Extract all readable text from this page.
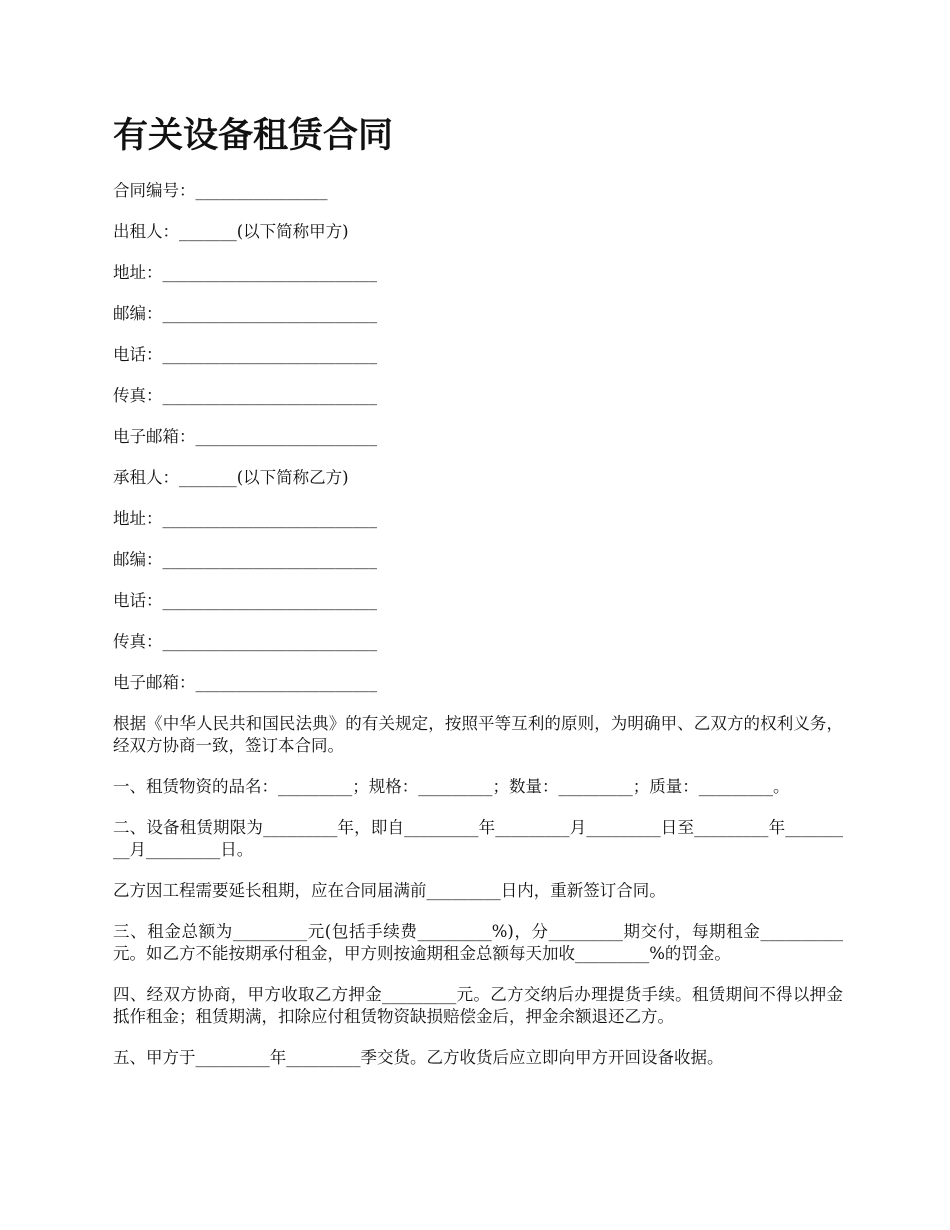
有关设备租赁合同

合同编号：________________

出租人：_______(以下简称甲方)

地址：__________________________

邮编：__________________________

电话：__________________________

传真：__________________________

电子邮箱：______________________

承租人：_______(以下简称乙方)

地址：__________________________

邮编：__________________________

电话：__________________________

传真：__________________________

电子邮箱：______________________

根据《中华人民共和国民法典》的有关规定，按照平等互利的原则，为明确甲、乙双方的权利义务，经双方协商一致，签订本合同。

一、租赁物资的品名：_________；规格：_________；数量：_________；质量：_________。

二、设备租赁期限为_________年，即自_________年_________月_________日至_________年_________月_________日。

乙方因工程需要延长租期，应在合同届满前_________日内，重新签订合同。

三、租金总额为_________元(包括手续费_________%)，分_________期交付，每期租金__________元。如乙方不能按期承付租金，甲方则按逾期租金总额每天加收_________%的罚金。

四、经双方协商，甲方收取乙方押金_________元。乙方交纳后办理提货手续。租赁期间不得以押金抵作租金；租赁期满，扣除应付租赁物资缺损赔偿金后，押金余额退还乙方。

五、甲方于_________年_________季交货。乙方收货后应立即向甲方开回设备收据。
